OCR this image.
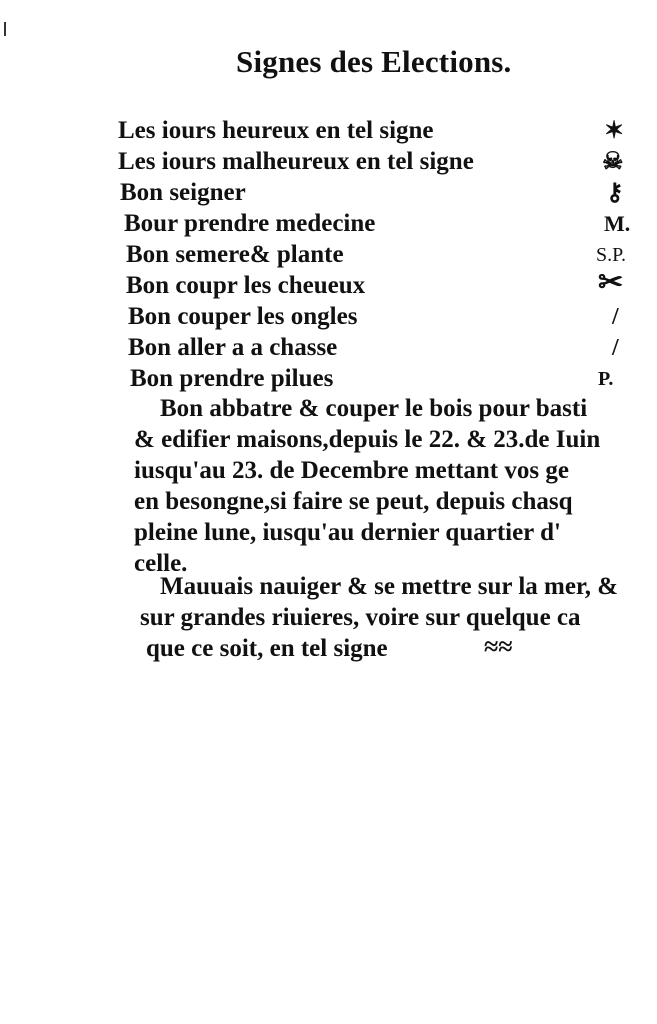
Signes des Elections.
Les iours heureux en tel signe	✶
Les iours malheureux en tel signe	☠
Bon seigner	⚷
Bour prendre medecine	M.
Bon semere& plante	S.P.
Bon coupr les cheueux	✂
Bon couper les ongles	/
Bon aller a a chasse	/
Bon prendre pilues	P.
Bon abbatre & couper le bois pour basti
& edifier maisons,depuis le 22. & 23.de Iuin
iusqu'au 23. de Decembre mettant vos ge
en besongne,si faire se peut, depuis chasq
pleine lune, iusqu'au dernier quartier d'
celle.
Mauuais nauiger & se mettre sur la mer, &
sur grandes riuieres, voire sur quelque ca
que ce soit, en tel signe	≈≈
